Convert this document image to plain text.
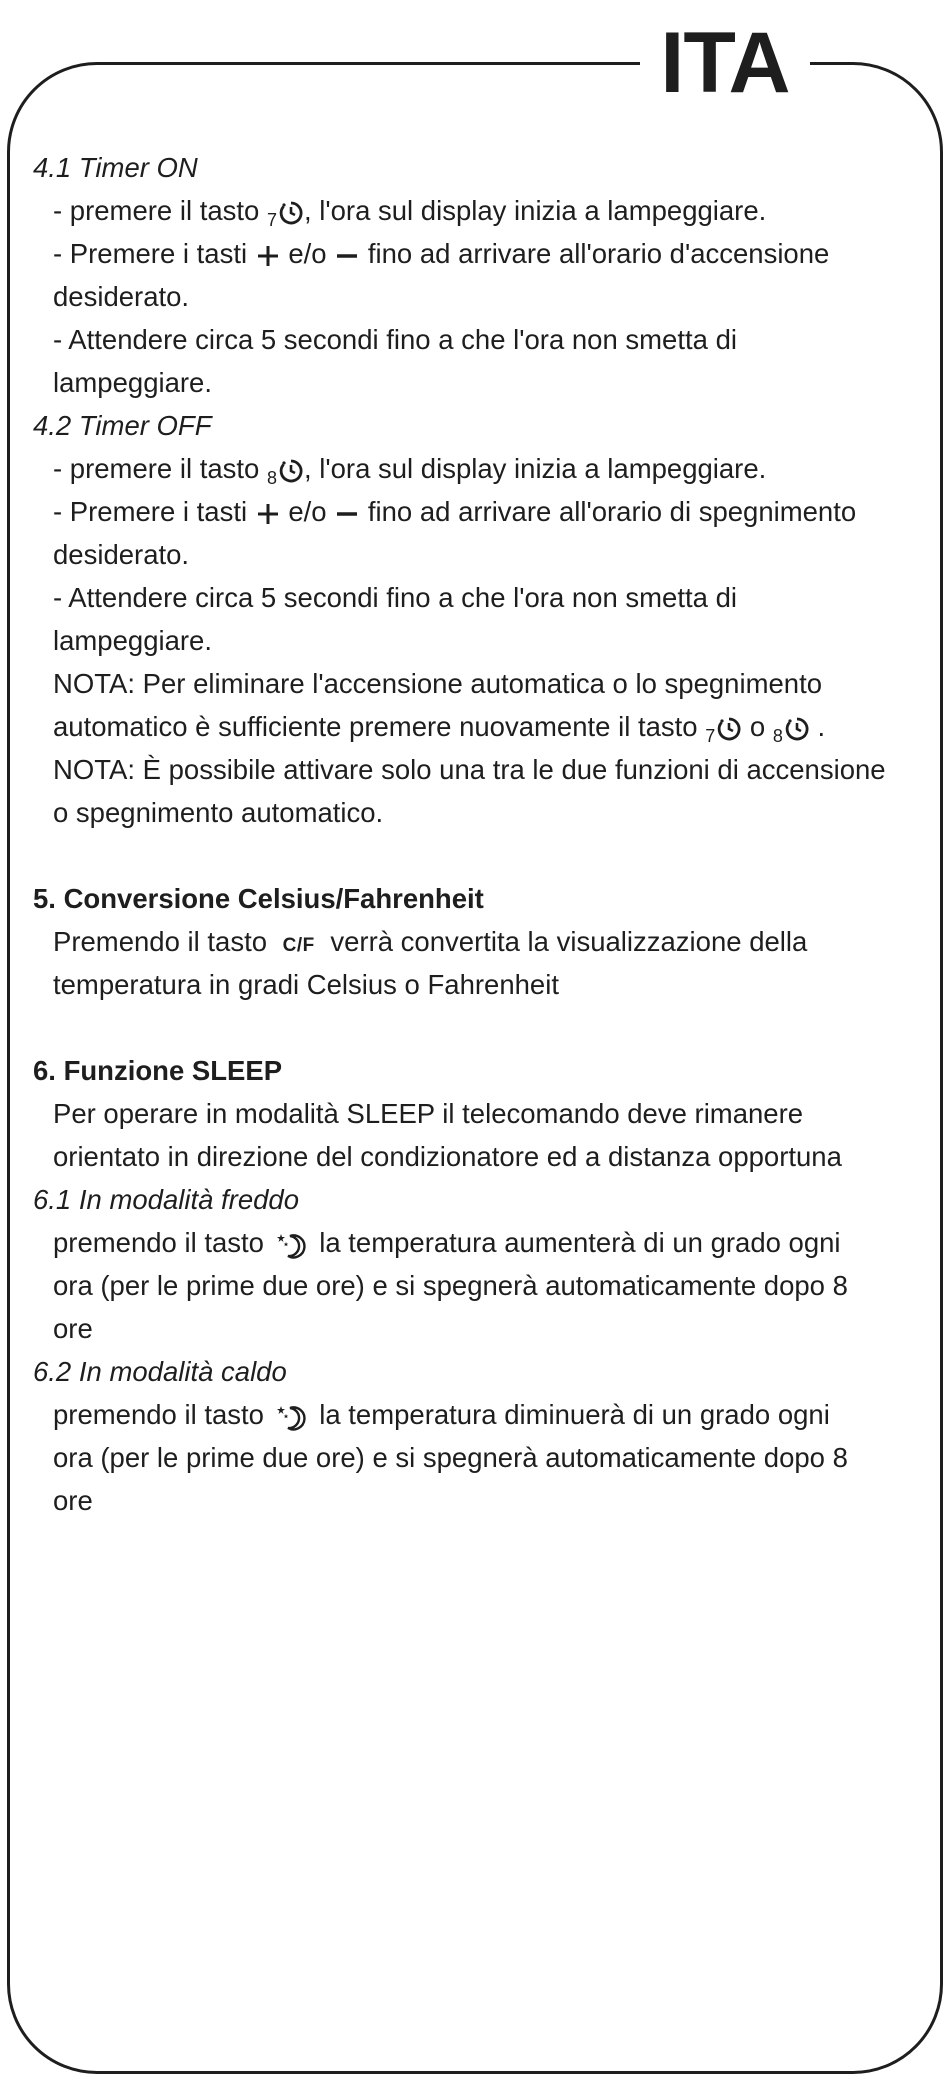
ITA
4.1 Timer ON
- premere il tasto $_7$ , l'ora sul display inizia a lampeggiare.
- Premere i tasti  e/o  fino ad arrivare all'orario d'accensione
desiderato.
- Attendere circa 5 secondi fino a che l'ora non smetta di
lampeggiare.
4.2 Timer OFF
- premere il tasto $_8$ , l'ora sul display inizia a lampeggiare.
- Premere i tasti  e/o  fino ad arrivare all'orario di spegnimento
desiderato.
- Attendere circa 5 secondi fino a che l'ora non smetta di
lampeggiare.
NOTA: Per eliminare l'accensione automatica o lo spegnimento
automatico è sufficiente premere nuovamente il tasto $_7$ o $_8$ .
NOTA: È possibile attivare solo una tra le due funzioni di accensione
o spegnimento automatico.
5. Conversione Celsius/Fahrenheit
Premendo il tasto C/F verrà convertita la visualizzazione della
temperatura in gradi Celsius o Fahrenheit
6. Funzione SLEEP
Per operare in modalità SLEEP il telecomando deve rimanere
orientato in direzione del condizionatore ed a distanza opportuna
6.1 In modalità freddo
premendo il tasto  la temperatura aumenterà di un grado ogni
ora (per le prime due ore) e si spegnerà automaticamente dopo 8
ore
6.2 In modalità caldo
premendo il tasto  la temperatura diminuerà di un grado ogni
ora (per le prime due ore) e si spegnerà automaticamente dopo 8
ore
